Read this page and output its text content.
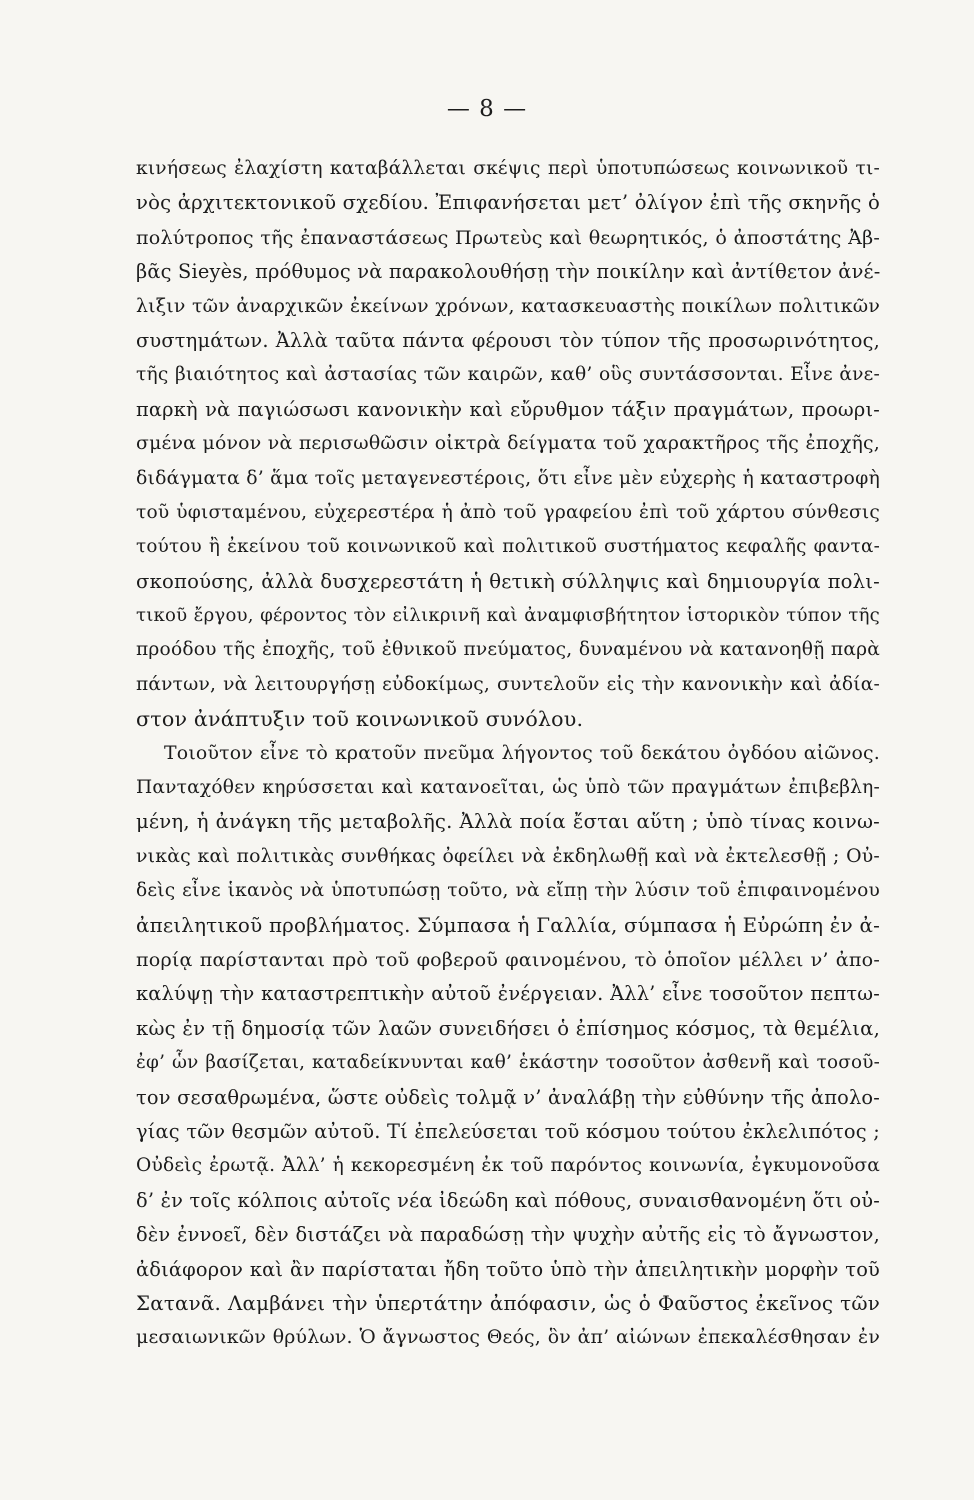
— 8 —
κινήσεως ἐλαχίστη καταβάλλεται σκέψις περὶ ὑποτυπώσεως κοινωνικοῦ τι-
νὸς ἀρχιτεκτονικοῦ σχεδίου. Ἐπιφανήσεται μετ’ ὀλίγον ἐπὶ τῆς σκηνῆς ὁ
πολύτροπος τῆς ἐπαναστάσεως Πρωτεὺς καὶ θεωρητικός, ὁ ἀποστάτης Ἀβ-
βᾶς Sieyès, πρόθυμος νὰ παρακολουθήσῃ τὴν ποικίλην καὶ ἀντίθετον ἀνέ-
λιξιν τῶν ἀναρχικῶν ἐκείνων χρόνων, κατασκευαστὴς ποικίλων πολιτικῶν
συστημάτων. Ἀλλὰ ταῦτα πάντα φέρουσι τὸν τύπον τῆς προσωρινότητος,
τῆς βιαιότητος καὶ ἀστασίας τῶν καιρῶν, καθ’ οὓς συντάσσονται. Εἶνε ἀνε-
παρκὴ νὰ παγιώσωσι κανονικὴν καὶ εὔρυθμον τάξιν πραγμάτων, προωρι-
σμένα μόνον νὰ περισωθῶσιν οἰκτρὰ δείγματα τοῦ χαρακτῆρος τῆς ἐποχῆς,
διδάγματα δ’ ἅμα τοῖς μεταγενεστέροις, ὅτι εἶνε μὲν εὐχερὴς ἡ καταστροφὴ
τοῦ ὑφισταμένου, εὐχερεστέρα ἡ ἀπὸ τοῦ γραφείου ἐπὶ τοῦ χάρτου σύνθεσις
τούτου ἢ ἐκείνου τοῦ κοινωνικοῦ καὶ πολιτικοῦ συστήματος κεφαλῆς φαντα-
σκοπούσης, ἀλλὰ δυσχερεστάτη ἡ θετικὴ σύλληψις καὶ δημιουργία πολι-
τικοῦ ἔργου, φέροντος τὸν εἰλικρινῆ καὶ ἀναμφισβήτητον ἱστορικὸν τύπον τῆς
προόδου τῆς ἐποχῆς, τοῦ ἐθνικοῦ πνεύματος, δυναμένου νὰ κατανοηθῇ παρὰ
πάντων, νὰ λειτουργήσῃ εὐδοκίμως, συντελοῦν εἰς τὴν κανονικὴν καὶ ἀδία-
στον ἀνάπτυξιν τοῦ κοινωνικοῦ συνόλου.
Τοιοῦτον εἶνε τὸ κρατοῦν πνεῦμα λήγοντος τοῦ δεκάτου ὀγδόου αἰῶνος.
Πανταχόθεν κηρύσσεται καὶ κατανοεῖται, ὡς ὑπὸ τῶν πραγμάτων ἐπιβεβλη-
μένη, ἡ ἀνάγκη τῆς μεταβολῆς. Ἀλλὰ ποία ἔσται αὕτη ; ὑπὸ τίνας κοινω-
νικὰς καὶ πολιτικὰς συνθήκας ὀφείλει νὰ ἐκδηλωθῇ καὶ νὰ ἐκτελεσθῇ ; Οὐ-
δεὶς εἶνε ἱκανὸς νὰ ὑποτυπώσῃ τοῦτο, νὰ εἴπῃ τὴν λύσιν τοῦ ἐπιφαινομένου
ἀπειλητικοῦ προβλήματος. Σύμπασα ἡ Γαλλία, σύμπασα ἡ Εὐρώπη ἐν ἀ-
πορίᾳ παρίστανται πρὸ τοῦ φοβεροῦ φαινομένου, τὸ ὁποῖον μέλλει ν’ ἀπο-
καλύψῃ τὴν καταστρεπτικὴν αὐτοῦ ἐνέργειαν. Ἀλλ’ εἶνε τοσοῦτον πεπτω-
κὼς ἐν τῇ δημοσίᾳ τῶν λαῶν συνειδήσει ὁ ἐπίσημος κόσμος, τὰ θεμέλια,
ἐφ’ ὧν βασίζεται, καταδείκνυνται καθ’ ἑκάστην τοσοῦτον ἀσθενῆ καὶ τοσοῦ-
τον σεσαθρωμένα, ὥστε οὐδεὶς τολμᾷ ν’ ἀναλάβῃ τὴν εὐθύνην τῆς ἀπολο-
γίας τῶν θεσμῶν αὐτοῦ. Τί ἐπελεύσεται τοῦ κόσμου τούτου ἐκλελιπότος ;
Οὐδεὶς ἐρωτᾷ. Ἀλλ’ ἡ κεκορεσμένη ἐκ τοῦ παρόντος κοινωνία, ἐγκυμονοῦσα
δ’ ἐν τοῖς κόλποις αὐτοῖς νέα ἰδεώδη καὶ πόθους, συναισθανομένη ὅτι οὐ-
δὲν ἐννοεῖ, δὲν διστάζει νὰ παραδώσῃ τὴν ψυχὴν αὐτῆς εἰς τὸ ἄγνωστον,
ἀδιάφορον καὶ ἂν παρίσταται ἤδη τοῦτο ὑπὸ τὴν ἀπειλητικὴν μορφὴν τοῦ
Σατανᾶ. Λαμβάνει τὴν ὑπερτάτην ἀπόφασιν, ὡς ὁ Φαῦστος ἐκεῖνος τῶν
μεσαιωνικῶν θρύλων. Ὁ ἄγνωστος Θεός, ὃν ἀπ’ αἰώνων ἐπεκαλέσθησαν ἐν
